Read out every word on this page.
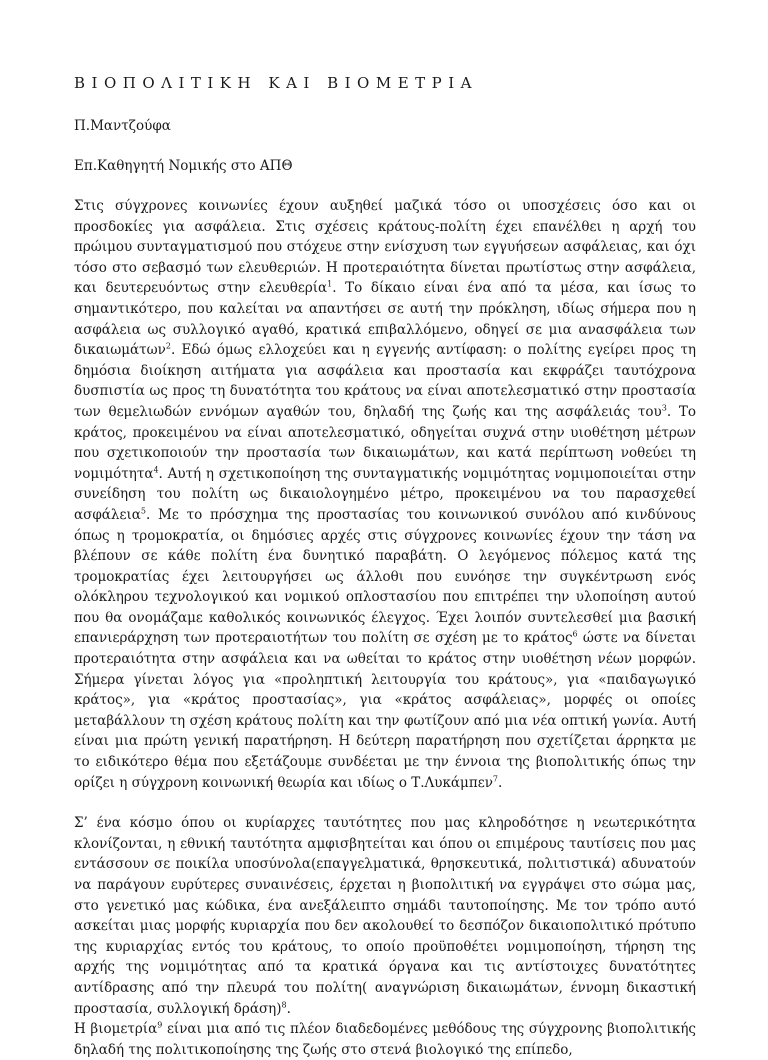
ΒΙΟΠΟΛΙΤΙΚΗ ΚΑΙ ΒΙΟΜΕΤΡΙΑ

Π.Μαντζούφα

Επ.Καθηγητή Νομικής στο ΑΠΘ

Στις σύγχρονες κοινωνίες έχουν αυξηθεί μαζικά τόσο οι υποσχέσεις όσο και οι προσδοκίες για ασφάλεια. Στις σχέσεις κράτους-πολίτη έχει επανέλθει η αρχή του πρώιμου συνταγματισμού που στόχευε στην ενίσχυση των εγγυήσεων ασφάλειας, και όχι τόσο στο σεβασμό των ελευθεριών. Η προτεραιότητα δίνεται πρωτίστως στην ασφάλεια, και δευτερευόντως στην ελευθερία$^1$. Το δίκαιο είναι ένα από τα μέσα, και ίσως το σημαντικότερο, που καλείται να απαντήσει σε αυτή την πρόκληση, ιδίως σήμερα που η ασφάλεια ως συλλογικό αγαθό, κρατικά επιβαλλόμενο, οδηγεί σε μια ανασφάλεια των δικαιωμάτων$^2$. Εδώ όμως ελλοχεύει και η εγγενής αντίφαση: ο πολίτης εγείρει προς τη δημόσια διοίκηση αιτήματα για ασφάλεια και προστασία και εκφράζει ταυτόχρονα δυσπιστία ως προς τη δυνατότητα του κράτους να είναι αποτελεσματικό στην προστασία των θεμελιωδών εννόμων αγαθών του, δηλαδή της ζωής και της ασφάλειάς του$^3$. Το κράτος, προκειμένου να είναι αποτελεσματικό, οδηγείται συχνά στην υιοθέτηση μέτρων που σχετικοποιούν την προστασία των δικαιωμάτων, και κατά περίπτωση νοθεύει τη νομιμότητα$^4$. Αυτή η σχετικοποίηση της συνταγματικής νομιμότητας νομιμοποιείται στην συνείδηση του πολίτη ως δικαιολογημένο μέτρο, προκειμένου να του παρασχεθεί ασφάλεια$^5$. Με το πρόσχημα της προστασίας του κοινωνικού συνόλου από κινδύνους όπως η τρομοκρατία, οι δημόσιες αρχές στις σύγχρονες κοινωνίες έχουν την τάση να βλέπουν σε κάθε πολίτη ένα δυνητικό παραβάτη. Ο λεγόμενος πόλεμος κατά της τρομοκρατίας έχει λειτουργήσει ως άλλοθι που ευνόησε την συγκέντρωση ενός ολόκληρου τεχνολογικού και νομικού οπλοστασίου που επιτρέπει την υλοποίηση αυτού που θα ονομάζαμε καθολικός κοινωνικός έλεγχος. Έχει λοιπόν συντελεσθεί μια βασική επανιεράρχηση των προτεραιοτήτων του πολίτη σε σχέση με το κράτος$^6$ ώστε να δίνεται προτεραιότητα στην ασφάλεια και να ωθείται το κράτος στην υιοθέτηση νέων μορφών. Σήμερα γίνεται λόγος για «προληπτική λειτουργία του κράτους», για «παιδαγωγικό κράτος», για «κράτος προστασίας», για «κράτος ασφάλειας», μορφές οι οποίες μεταβάλλουν τη σχέση κράτους πολίτη και την φωτίζουν από μια νέα οπτική γωνία. Αυτή είναι μια πρώτη γενική παρατήρηση. Η δεύτερη παρατήρηση που σχετίζεται άρρηκτα με το ειδικότερο θέμα που εξετάζουμε συνδέεται με την έννοια της βιοπολιτικής όπως την ορίζει η σύγχρονη κοινωνική θεωρία και ιδίως ο Τ.Λυκάμπεν$^7$.

Σ’ ένα κόσμο όπου οι κυρίαρχες ταυτότητες που μας κληροδότησε η νεωτερικότητα κλονίζονται, η εθνική ταυτότητα αμφισβητείται και όπου οι επιμέρους ταυτίσεις που μας εντάσσουν σε ποικίλα υποσύνολα(επαγγελματικά, θρησκευτικά, πολιτιστικά) αδυνατούν να παράγουν ευρύτερες συναινέσεις, έρχεται η βιοπολιτική να εγγράψει στο σώμα μας, στο γενετικό μας κώδικα, ένα ανεξάλειπτο σημάδι ταυτοποίησης. Με τον τρόπο αυτό ασκείται μιας μορφής κυριαρχία που δεν ακολουθεί το δεσπόζον δικαιοπολιτικό πρότυπο της κυριαρχίας εντός του κράτους, το οποίο προϋποθέτει νομιμοποίηση, τήρηση της αρχής της νομιμότητας από τα κρατικά όργανα και τις αντίστοιχες δυνατότητες αντίδρασης από την πλευρά του πολίτη( αναγνώριση δικαιωμάτων, έννομη δικαστική προστασία, συλλογική δράση)$^8$.

Η βιομετρία$^9$ είναι μια από τις πλέον διαδεδομένες μεθόδους της σύγχρονης βιοπολιτικής δηλαδή της πολιτικοποίησης της ζωής στο στενά βιολογικό της επίπεδο,
